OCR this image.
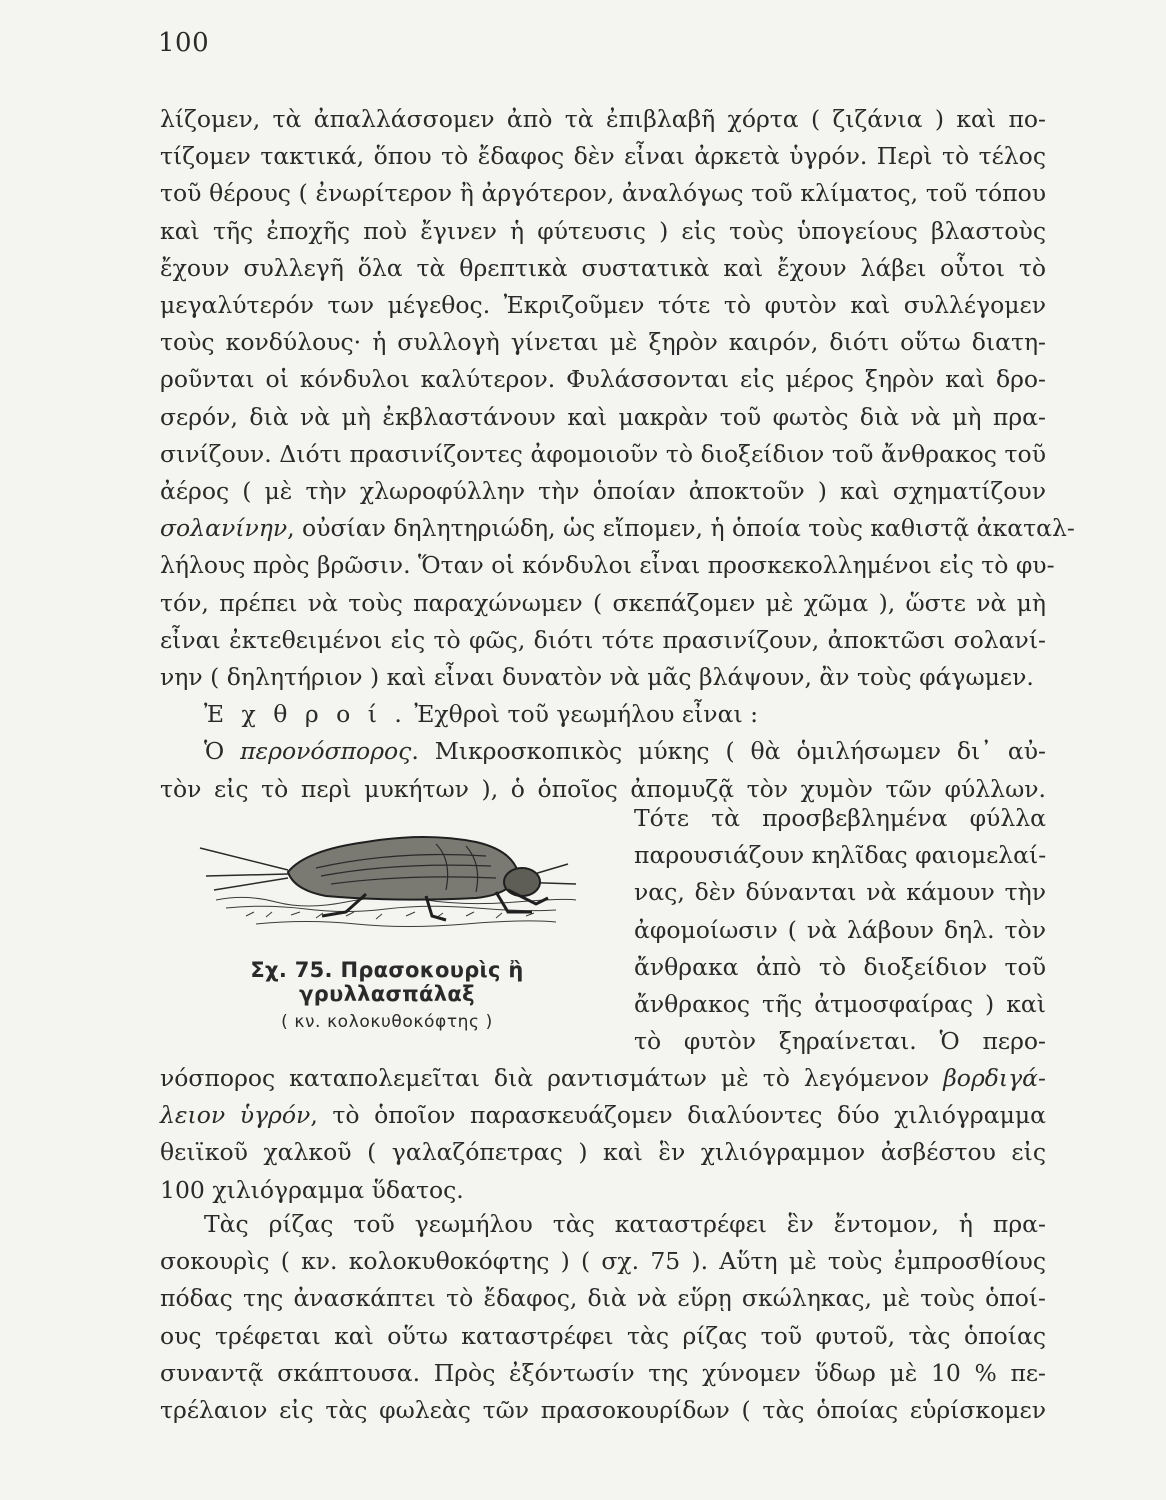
100
λίζομεν, τὰ ἀπαλλάσσομεν ἀπὸ τὰ ἐπιβλαβῆ χόρτα ( ζιζάνια ) καὶ πο-
τίζομεν τακτικά, ὅπου τὸ ἔδαφος δὲν εἶναι ἀρκετὰ ὑγρόν. Περὶ τὸ τέλος
τοῦ θέρους ( ἐνωρίτερον ἢ ἀργότερον, ἀναλόγως τοῦ κλίματος, τοῦ τόπου
καὶ τῆς ἐποχῆς ποὺ ἔγινεν ἡ φύτευσις ) εἰς τοὺς ὑπογείους βλαστοὺς
ἔχουν συλλεγῆ ὅλα τὰ θρεπτικὰ συστατικὰ καὶ ἔχουν λάβει οὗτοι τὸ
μεγαλύτερόν των μέγεθος. Ἐκριζοῦμεν τότε τὸ φυτὸν καὶ συλλέγομεν
τοὺς κονδύλους· ἡ συλλογὴ γίνεται μὲ ξηρὸν καιρόν, διότι οὕτω διατη-
ροῦνται οἱ κόνδυλοι καλύτερον. Φυλάσσονται εἰς μέρος ξηρὸν καὶ δρο-
σερόν, διὰ νὰ μὴ ἐκβλαστάνουν καὶ μακρὰν τοῦ φωτὸς διὰ νὰ μὴ πρα-
σινίζουν. Διότι πρασινίζοντες ἀφομοιοῦν τὸ διοξείδιον τοῦ ἄνθρακος τοῦ
ἀέρος ( μὲ τὴν χλωροφύλλην τὴν ὁποίαν ἀποκτοῦν ) καὶ σχηματίζουν
σολανίνην, οὐσίαν δηλητηριώδη, ὡς εἴπομεν, ἡ ὁποία τοὺς καθιστᾷ ἀκαταλ-
λήλους πρὸς βρῶσιν. Ὅταν οἱ κόνδυλοι εἶναι προσκεκολλημένοι εἰς τὸ φυ-
τόν, πρέπει νὰ τοὺς παραχώνωμεν ( σκεπάζομεν μὲ χῶμα ), ὥστε νὰ μὴ
εἶναι ἐκτεθειμένοι εἰς τὸ φῶς, διότι τότε πρασινίζουν, ἀποκτῶσι σολανί-
νην ( δηλητήριον ) καὶ εἶναι δυνατὸν νὰ μᾶς βλάψουν, ἂν τοὺς φάγωμεν.
Ἐ χ θ ρ ο ί . Ἐχθροὶ τοῦ γεωμήλου εἶναι :
Ὁ περονόσπορος. Μικροσκοπικὸς μύκης ( θὰ ὁμιλήσωμεν δι᾽ αὐ-
τὸν εἰς τὸ περὶ μυκήτων ), ὁ ὁποῖος ἀπομυζᾷ τὸν χυμὸν τῶν φύλλων.
Τότε τὰ προσβεβλημένα φύλλα
παρουσιάζουν κηλῖδας φαιομελαί-
νας, δὲν δύνανται νὰ κάμουν τὴν
ἀφομοίωσιν ( νὰ λάβουν δηλ. τὸν
ἄνθρακα ἀπὸ τὸ διοξείδιον τοῦ
ἄνθρακος τῆς ἀτμοσφαίρας ) καὶ
τὸ φυτὸν ξηραίνεται. Ὁ περο-
Σχ. 75. Πρασοκουρὶς ἢ γρυλλασπάλαξ
( κν. κολοκυθοκόφτης )
νόσπορος καταπολεμεῖται διὰ ραντισμάτων μὲ τὸ λεγόμενον βορδιγά-
λειον ὑγρόν, τὸ ὁποῖον παρασκευάζομεν διαλύοντες δύο χιλιόγραμμα
θειϊκοῦ χαλκοῦ ( γαλαζόπετρας ) καὶ ἓν χιλιόγραμμον ἀσβέστου εἰς
100 χιλιόγραμμα ὕδατος.
Τὰς ρίζας τοῦ γεωμήλου τὰς καταστρέφει ἓν ἔντομον, ἡ πρα-
σοκουρὶς ( κν. κολοκυθοκόφτης ) ( σχ. 75 ). Αὕτη μὲ τοὺς ἐμπροσθίους
πόδας της ἀνασκάπτει τὸ ἔδαφος, διὰ νὰ εὕρῃ σκώληκας, μὲ τοὺς ὁποί-
ους τρέφεται καὶ οὕτω καταστρέφει τὰς ρίζας τοῦ φυτοῦ, τὰς ὁποίας
συναντᾷ σκάπτουσα. Πρὸς ἐξόντωσίν της χύνομεν ὕδωρ μὲ 10 % πε-
τρέλαιον εἰς τὰς φωλεὰς τῶν πρασοκουρίδων ( τὰς ὁποίας εὑρίσκομεν
